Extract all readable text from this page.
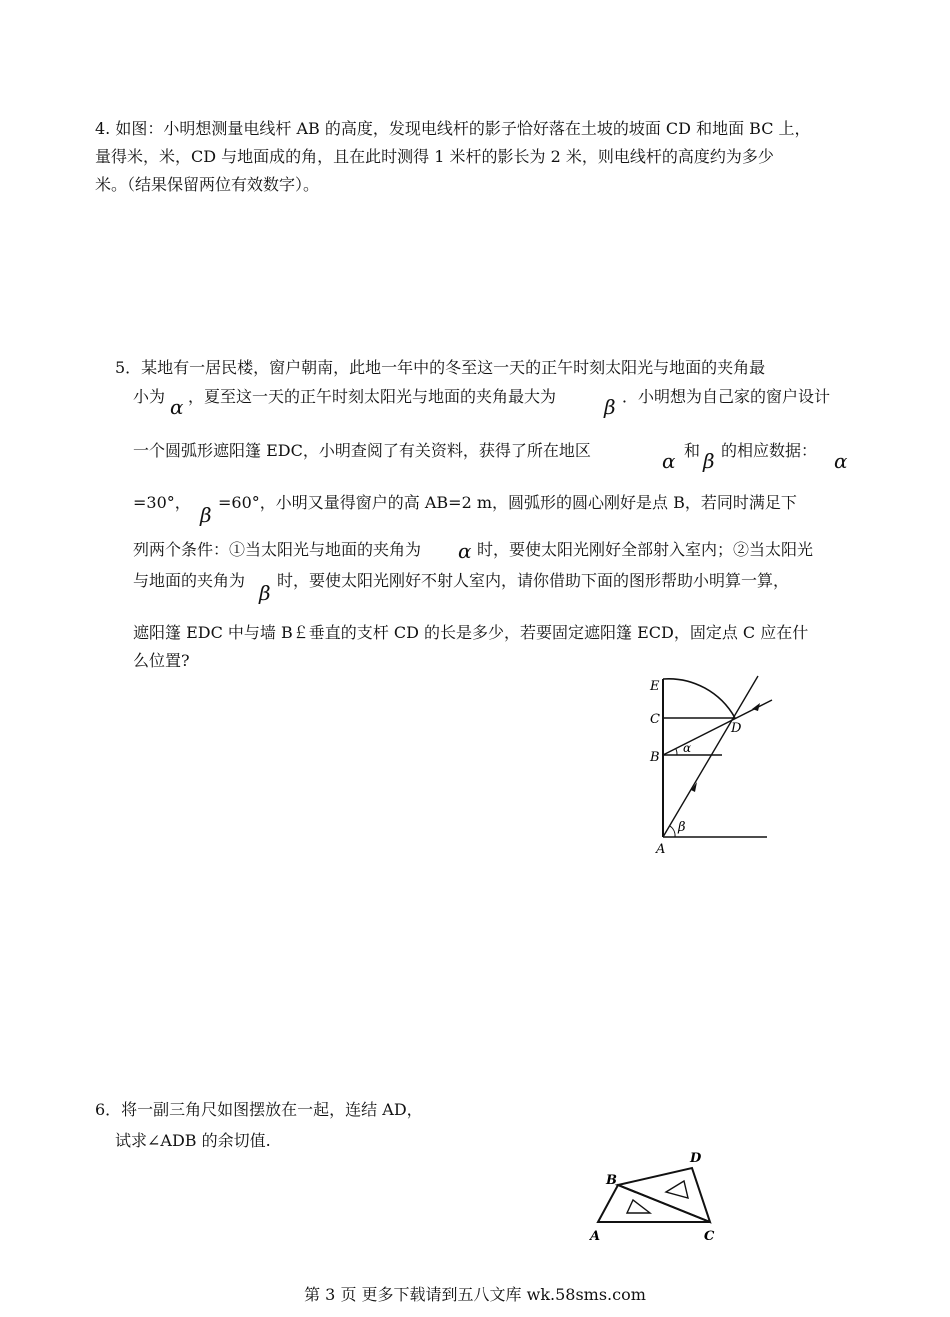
4. 如图：小明想测量电线杆 AB 的高度，发现电线杆的影子恰好落在土坡的坡面 CD 和地面 BC 上，
量得米，米，CD 与地面成的角，且在此时测得 1 米杆的影长为 2 米，则电线杆的高度约为多少
米。（结果保留两位有效数字）。
5．某地有一居民楼，窗户朝南，此地一年中的冬至这一天的正午时刻太阳光与地面的夹角最
小为 α ，夏至这一天的正午时刻太阳光与地面的夹角最大为 β ．小明想为自己家的窗户设计
一个圆弧形遮阳篷 EDC，小明查阅了有关资料，获得了所在地区	α 和 β 的相应数据： α
=30°，
β
=60°，小明又量得窗户的高 AB=2 m，圆弧形的圆心刚好是点 B，若同时满足下
列两个条件：①当太阳光与地面的夹角为 α 时，要使太阳光刚好全部射入室内；②当太阳光
与地面的夹角为
β
时，要使太阳光刚好不射人室内，请你借助下面的图形帮助小明算一算，
遮阳篷 EDC 中与墙 B￡垂直的支杆 CD 的长是多少，若要固定遮阳篷 ECD，固定点 C 应在什
么位置?
E
C
B
A
D
α
β
6．将一副三角尺如图摆放在一起，连结 AD，
试求∠ADB 的余切值.
A
B
C
D
第 3 页 更多下载请到五八文库 wk.58sms.com
